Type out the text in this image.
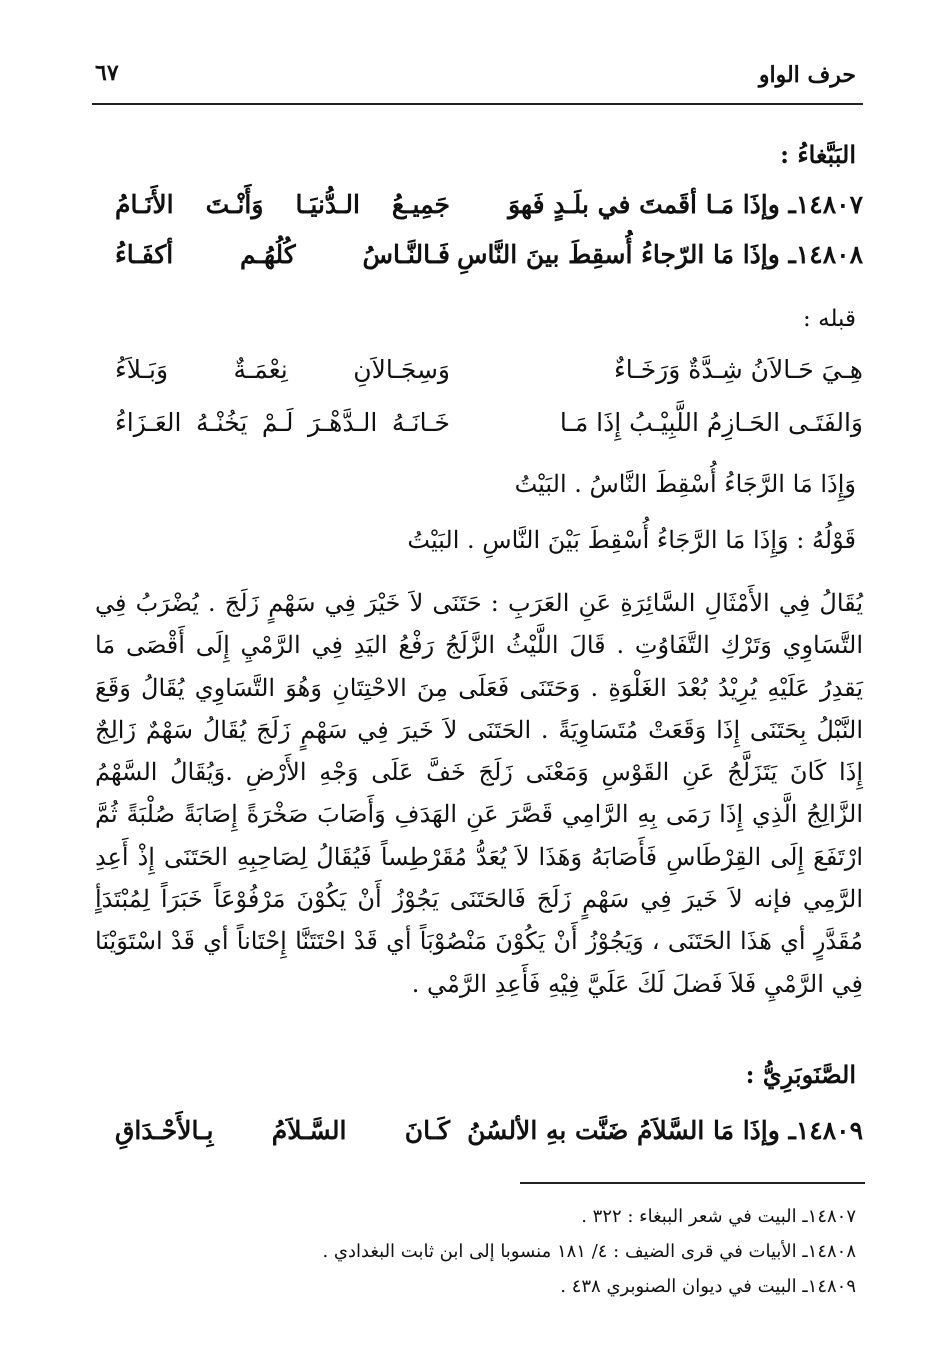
حرف الواو
٦٧
البَبَّغاءُ :
١٤٨٠٧ـ وإذَا مَـا أقَمتَ في بلَـدٍ فَهوَ
جَمِيـعُ الـدُّنيَـا وَأَنْـتَ الأَنَـامُ
١٤٨٠٨ـ وإذَا مَا الرّجاءُ أُسقِطَ بينَ النَّاسِ
فَـالنَّـاسُ كُلُهُـم أكفَـاءُ
قبله :
هِـيَ حَـالاَنُ شِـدَّةٌ وَرَخَـاءٌ
وَسِجَـالاَنِ نِعْمَـةٌ وَبَـلاَءُ
وَالفَتَـى الحَـازِمُ اللَّبِيْـبُ إِذَا مَـا
خَـانَـهُ الـدَّهْـرَ لَـمْ يَخُنْـهُ العَـزَاءُ
وَإِذَا مَا الرَّجَاءُ أُسْقِطَ النَّاسُ . البَيْتُ
قَوْلُهُ : وَإِذَا مَا الرَّجَاءُ أُسْقِطَ بَيْنَ النَّاسِ . البَيْتُ
يُقَالُ فِي الأَمْثَالِ السَّائِرَةِ عَنِ العَرَبِ : حَتَنَى لاَ خَيْرَ فِي سَهْمٍ زَلَجَ . يُضْرَبُ فِي التَّسَاوِي وَتَرْكِ التَّفَاوُتِ . قَالَ اللَّيْثُ الزَّلَجُ رَفْعُ اليَدِ فِي الرَّمْيِ إِلَى أَقْصَى مَا يَقدِرُ عَلَيْهِ يُرِيْدُ بُعْدَ الغَلْوَةِ . وَحَتَنَى فَعَلَى مِنَ الاحْتِتَانِ وَهُوَ التَّسَاوِي يُقَالُ وَقَعَ النَّبْلُ بِحَتَنَى إِذَا وَقَعَتْ مُتَسَاوِيَةً . الحَتَنَى لاَ خَيرَ فِي سَهْمٍ زَلَجَ يُقَالُ سَهْمٌ زَالِجٌ إِذَا كَانَ يَتَزَلَّجُ عَنِ القَوْسِ وَمَعْنَى زَلَجَ خَفَّ عَلَى وَجْهِ الأَرْضِ .وَيُقَالُ السَّهْمُ الزَّالِجُ الَّذِي إِذَا رَمَى بِهِ الرَّامِي قَصَّرَ عَنِ الهَدَفِ وَأَصَابَ صَخْرَةً إِصَابَةً صُلْبَةً ثُمَّ ارْتَفَعَ إِلَى القِرْطَاسِ فَأَصَابَهُ وَهَذَا لاَ يُعَدُّ مُقَرْطِساً فَيُقَالُ لِصَاحِبِهِ الحَتَنَى إِذْ أَعِدِ الرَّمِي فإنه لاَ خَيرَ فِي سَهْمٍ زَلَجَ فَالحَتَنَى يَجُوْزُ أَنْ يَكُوْنَ مَرْفُوْعَاً خَبَرَاً لِمُبْتَدَأٍ مُقَدَّرٍ أي هَذَا الحَتَنَى ، وَيَجُوْزُ أَنْ يَكُوْنَ مَنْصُوْبَاً أي قَدْ احْتَتَنَّا إِحْتَاناً أي قَدْ اسْتَوَيْنَا فِي الرَّمْيِ فَلاَ فَضلَ لَكَ عَلَيَّ فِيْهِ فَأَعِدِ الرَّمْي .
الصَّنَوبَرِيُّ :
١٤٨٠٩ـ وإذَا مَا السَّلاَمُ ضَنَّت بهِ الألسُنُ
كَـانَ السَّـلاَمُ بِـالأَحْـدَاقِ
١٤٨٠٧ـ البيت في شعر الببغاء : ٣٢٢ .
١٤٨٠٨ـ الأبيات في قرى الضيف : ٤/ ١٨١ منسوبا إلى ابن ثابت البغدادي .
١٤٨٠٩ـ البيت في ديوان الصنوبري ٤٣٨ .
